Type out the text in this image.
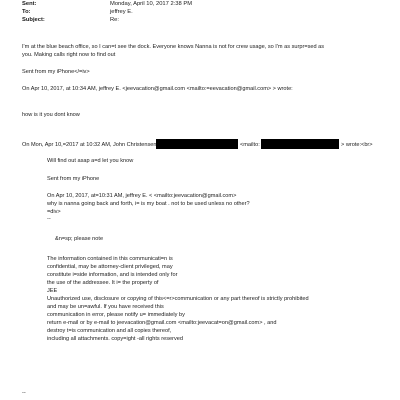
Sent:	Monday, April 10, 2017 2:38 PM
To:	jeffrey E.
Subject:	Re:
I'm at the blue beach office, so I can=t see the dock. Everyone knows Nanna is not for crew usage, so I'm as surpr=sed as
you. Making calls right now to find out
Sent from my iPhone</=iv>
On Apr 10, 2017, at 10:34 AM, jeffrey E. <jeevacation@gmail.com <mailto:=eevacation@gmail.com> > wrote:
how is it you dont know
On Mon, Apr 10,=2017 at 10:32 AM, John Christensen	<mailto:	> wrote:<br>
Will find out asap a=d let you know
Sent from my iPhone
On Apr 10, 2017, at=10:31 AM, jeffrey E. < <mailto:jeevacation@gmail.com>
why is nanna going back and forth, i= is my boat . not to be used unless no other?
=div>
--
&n=sp; please note
The information contained in this communicati=n is
confidential, may be attorney-client privileged, may
constitute i=side information, and is intended only for
the use of the addressee. It i= the property of
JEE
Unauthorized use, disclosure or copying of this<=r>communication or any part thereof is strictly prohibited
and may be un=awful. If you have received this
communication in error, please notify u= immediately by
return e-mail or by e-mail to jeevacation@gmail.com <mailto:jeevacat=on@gmail.com> , and
destroy t=is communication and all copies thereof,
including all attachments. copy=ight -all rights reserved
--
